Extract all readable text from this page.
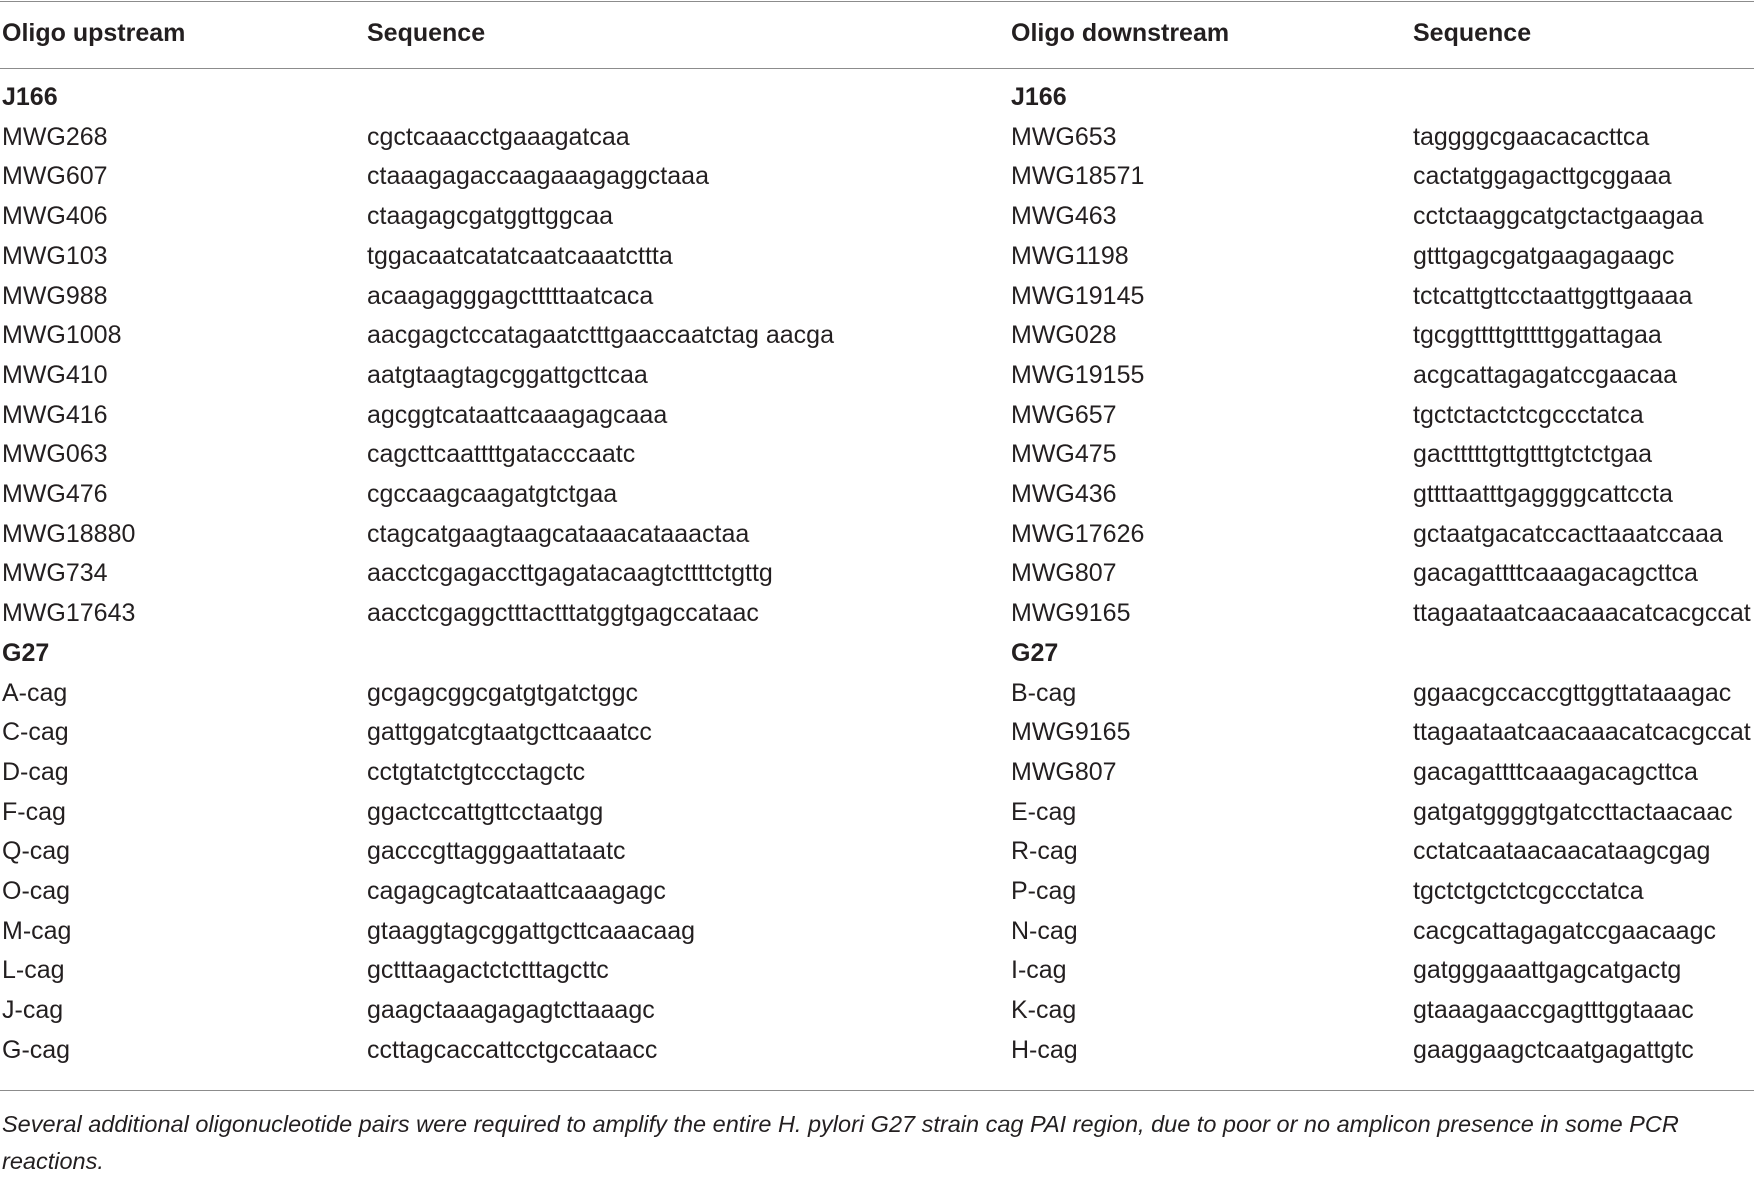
Oligo upstream	Sequence	Oligo downstream	Sequence

J166		J166	
MWG268	cgctcaaacctgaaagatcaa	MWG653	taggggcgaacacacttca
MWG607	ctaaagagaccaagaaagaggctaaa	MWG18571	cactatggagacttgcggaaa
MWG406	ctaagagcgatggttggcaa	MWG463	cctctaaggcatgctactgaagaa
MWG103	tggacaatcatatcaatcaaatcttta	MWG1198	gtttgagcgatgaagagaagc
MWG988	acaagagggagctttttaatcaca	MWG19145	tctcattgttcctaattggttgaaaa
MWG1008	aacgagctccatagaatctttgaaccaatctag aacga	MWG028	tgcggttttgtttttggattagaa
MWG410	aatgtaagtagcggattgcttcaa	MWG19155	acgcattagagatccgaacaa
MWG416	agcggtcataattcaaagagcaaa	MWG657	tgctctactctcgccctatca
MWG063	cagcttcaattttgatacccaatc	MWG475	gactttttgttgtttgtctctgaa
MWG476	cgccaagcaagatgtctgaa	MWG436	gttttaatttgaggggcattccta
MWG18880	ctagcatgaagtaagcataaacataaactaa	MWG17626	gctaatgacatccacttaaatccaaa
MWG734	aacctcgagaccttgagatacaagtcttttctgttg	MWG807	gacagattttcaaagacagcttca
MWG17643	aacctcgaggctttactttatggtgagccataac	MWG9165	ttagaataatcaacaaacatcacgccat
G27		G27	
A-cag	gcgagcggcgatgtgatctggc	B-cag	ggaacgccaccgttggttataaagac
C-cag	gattggatcgtaatgcttcaaatcc	MWG9165	ttagaataatcaacaaacatcacgccat
D-cag	cctgtatctgtccctagctc	MWG807	gacagattttcaaagacagcttca
F-cag	ggactccattgttcctaatgg	E-cag	gatgatggggtgatccttactaacaac
Q-cag	gacccgttagggaattataatc	R-cag	cctatcaataacaacataagcgag
O-cag	cagagcagtcataattcaaagagc	P-cag	tgctctgctctcgccctatca
M-cag	gtaaggtagcggattgcttcaaacaag	N-cag	cacgcattagagatccgaacaagc
L-cag	gctttaagactctctttagcttc	I-cag	gatgggaaattgagcatgactg
J-cag	gaagctaaagagagtcttaaagc	K-cag	gtaaagaaccgagtttggtaaac
G-cag	ccttagcaccattcctgccataacc	H-cag	gaaggaagctcaatgagattgtc
Several additional oligonucleotide pairs were required to amplify the entire H. pylori G27 strain cag PAI region, due to poor or no amplicon presence in some PCR reactions.
